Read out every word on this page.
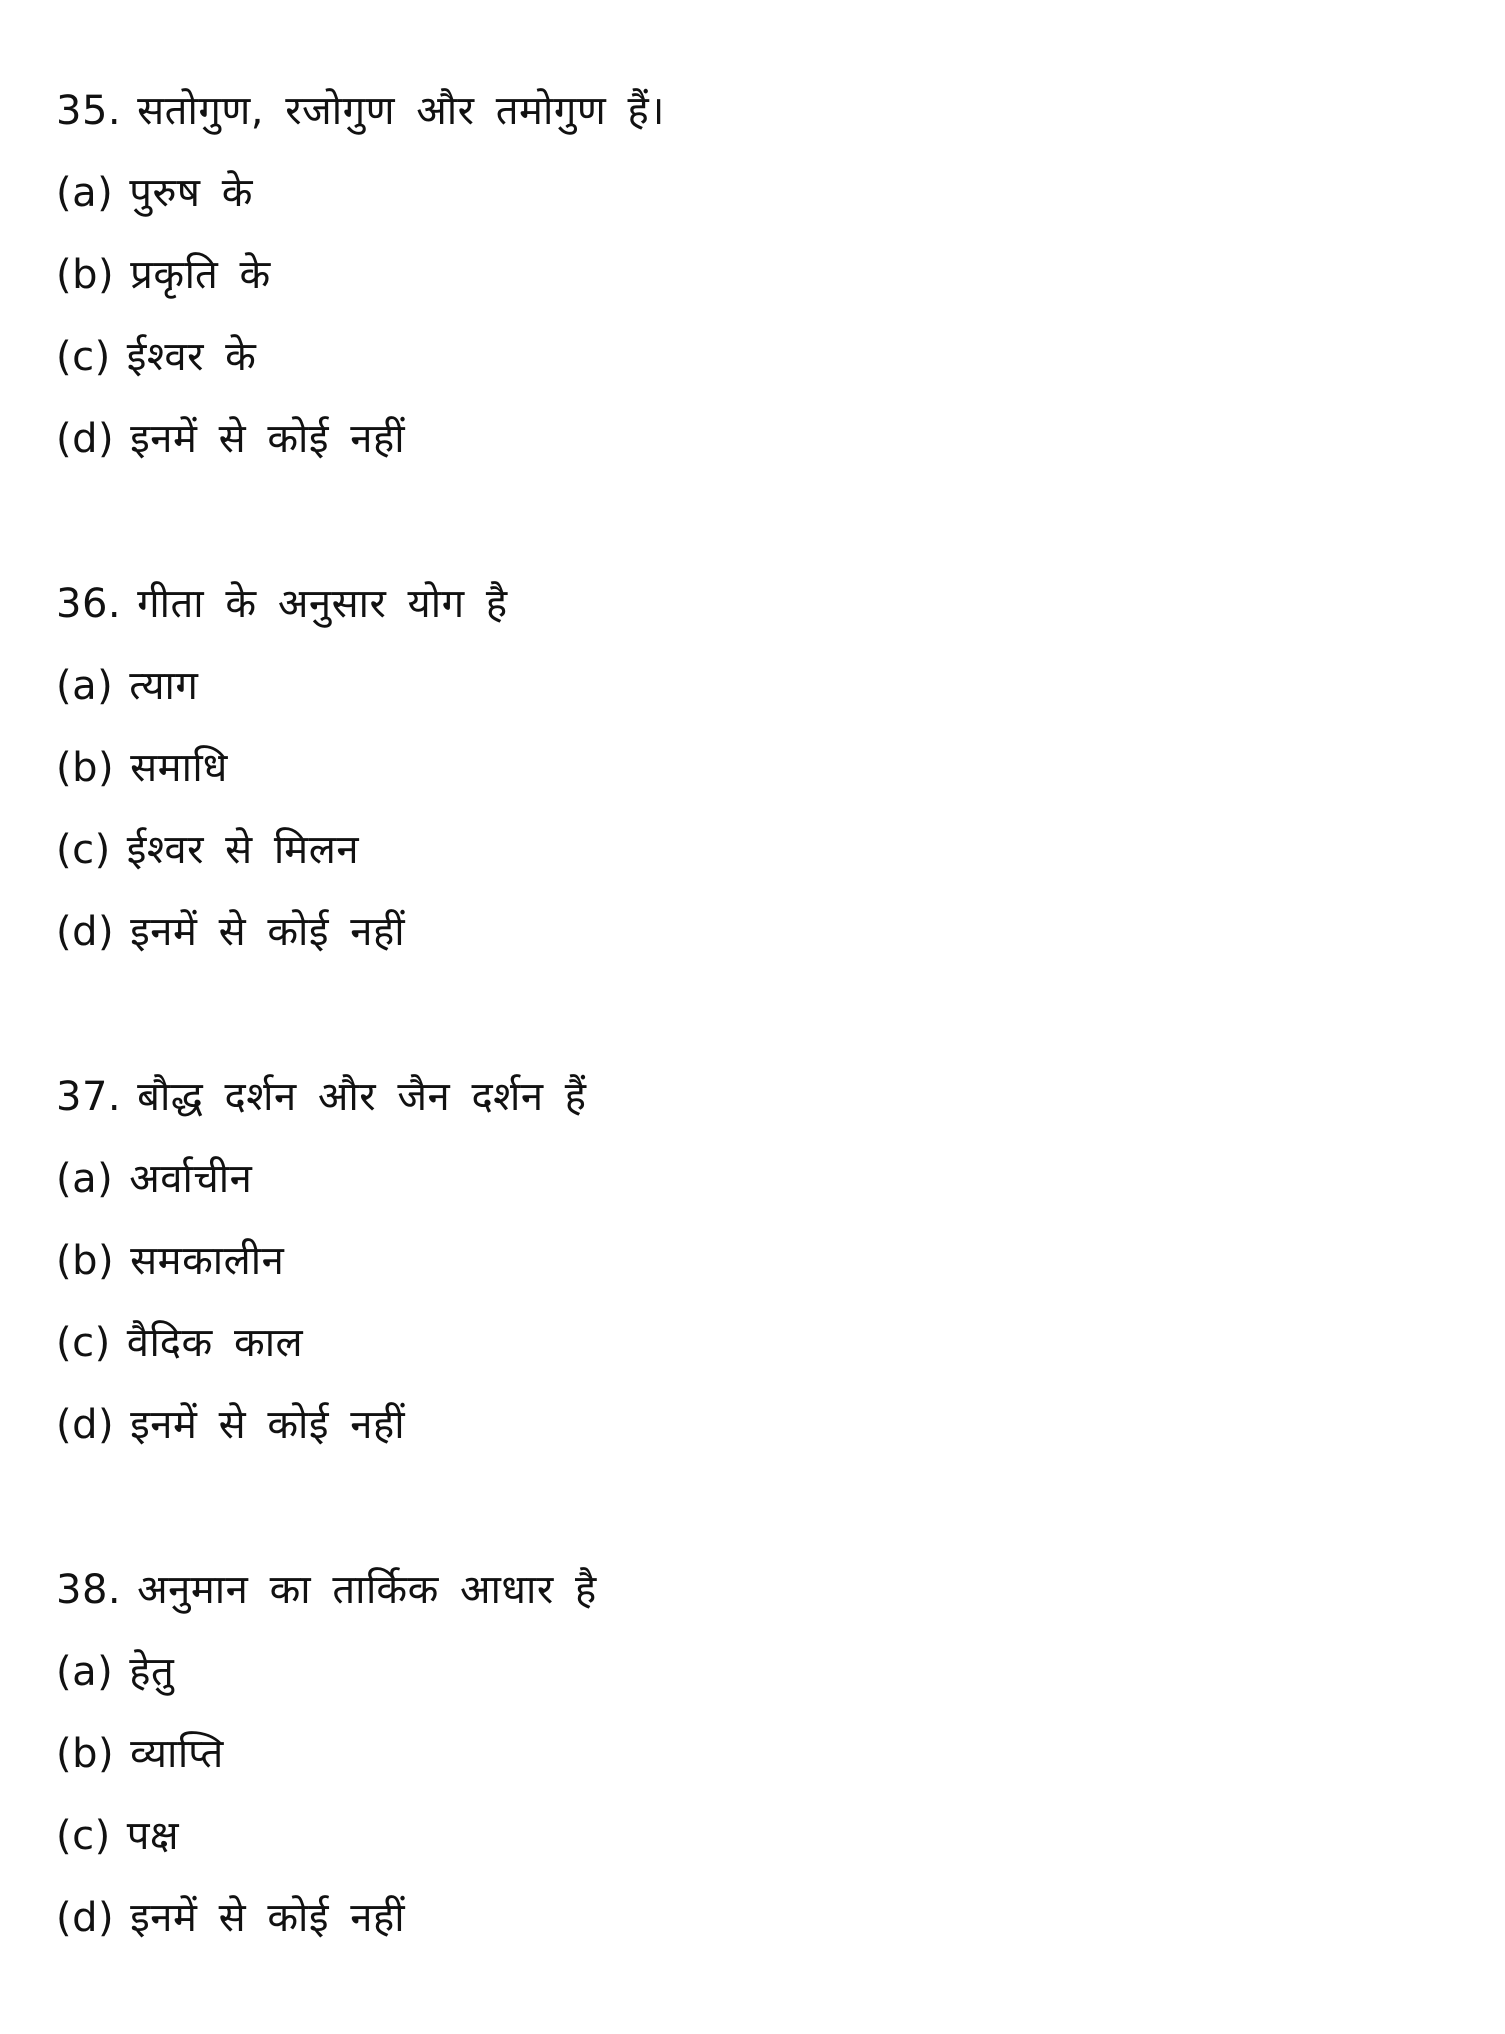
35. सतोगुण, रजोगुण और तमोगुण हैं।
(a) पुरुष के
(b) प्रकृति के
(c) ईश्वर के
(d) इनमें से कोई नहीं
36. गीता के अनुसार योग है
(a) त्याग
(b) समाधि
(c) ईश्वर से मिलन
(d) इनमें से कोई नहीं
37. बौद्ध दर्शन और जैन दर्शन हैं
(a) अर्वाचीन
(b) समकालीन
(c) वैदिक काल
(d) इनमें से कोई नहीं
38. अनुमान का तार्किक आधार है
(a) हेतु
(b) व्याप्ति
(c) पक्ष
(d) इनमें से कोई नहीं
